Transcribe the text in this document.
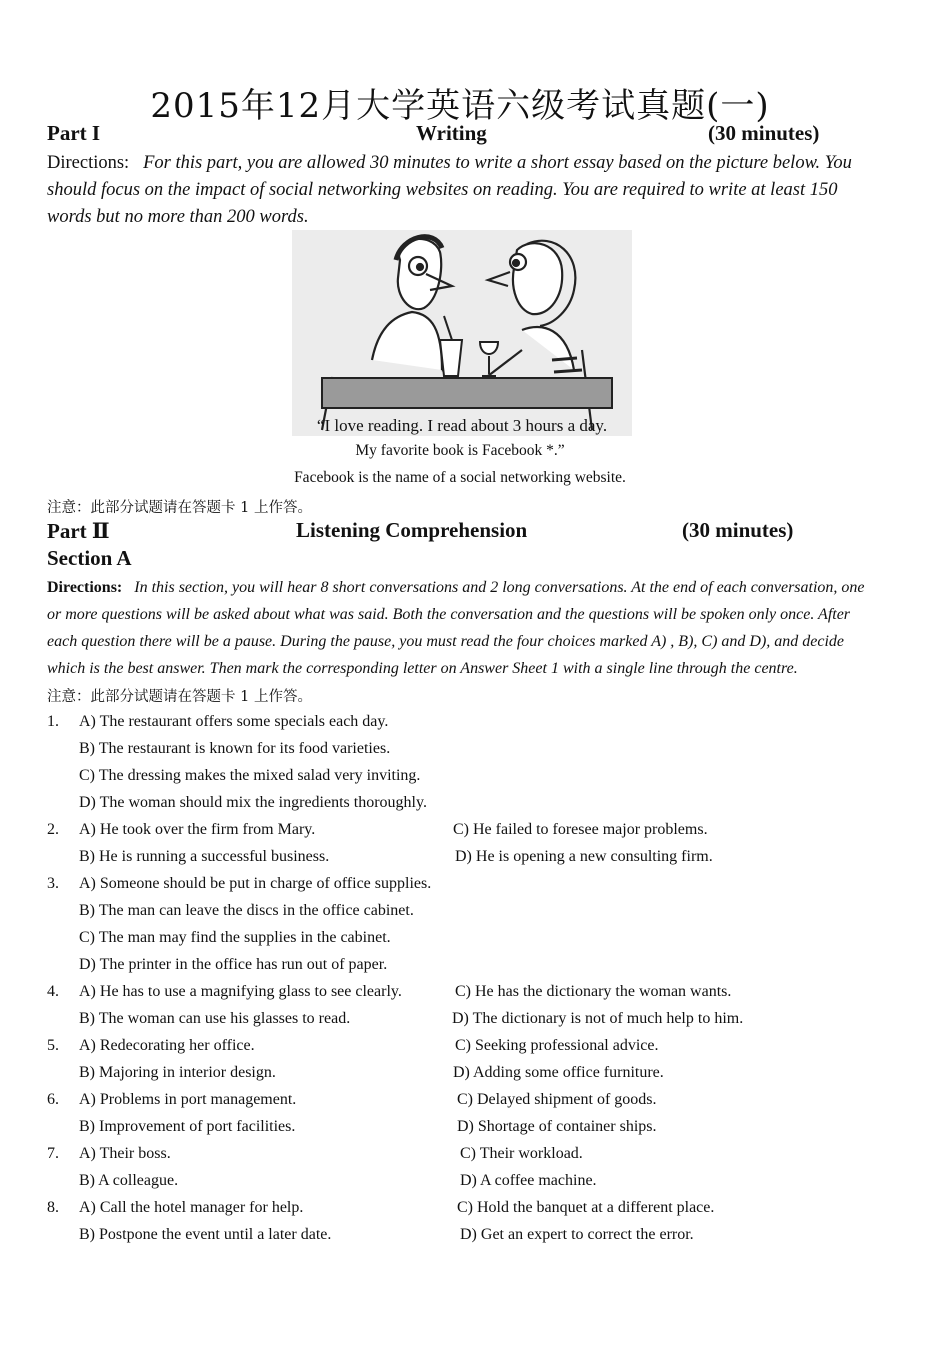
2015年12月大学英语六级考试真题(一)
Part I	Writing	(30 minutes)
Directions: For this part, you are allowed 30 minutes to write a short essay based on the picture below. You should focus on the impact of social networking websites on reading. You are required to write at least 150 words but no more than 200 words.
“I love reading. I read about 3 hours a day.
My favorite book is Facebook *.”
Facebook is the name of a social networking website.
注意：此部分试题请在答题卡 1 上作答。
Part Ⅱ	Listening Comprehension	(30 minutes)
Section A
Directions: In this section, you will hear 8 short conversations and 2 long conversations. At the end of each conversation, one or more questions will be asked about what was said. Both the conversation and the questions will be spoken only once. After each question there will be a pause. During the pause, you must read the four choices marked A) , B), C) and D), and decide which is the best answer. Then mark the corresponding letter on Answer Sheet 1 with a single line through the centre.
注意：此部分试题请在答题卡 1 上作答。
1. A) The restaurant offers some specials each day.
B) The restaurant is known for its food varieties.
C) The dressing makes the mixed salad very inviting.
D) The woman should mix the ingredients thoroughly.
2. A) He took over the firm from Mary.	C) He failed to foresee major problems.
B) He is running a successful business.	D) He is opening a new consulting firm.
3. A) Someone should be put in charge of office supplies.
B) The man can leave the discs in the office cabinet.
C) The man may find the supplies in the cabinet.
D) The printer in the office has run out of paper.
4. A) He has to use a magnifying glass to see clearly.	C) He has the dictionary the woman wants.
B) The woman can use his glasses to read.	D) The dictionary is not of much help to him.
5. A) Redecorating her office.	C) Seeking professional advice.
B) Majoring in interior design.	D) Adding some office furniture.
6. A) Problems in port management.	C) Delayed shipment of goods.
B) Improvement of port facilities.	D) Shortage of container ships.
7. A) Their boss.	C) Their workload.
B) A colleague.	D) A coffee machine.
8. A) Call the hotel manager for help.	C) Hold the banquet at a different place.
B) Postpone the event until a later date.	D) Get an expert to correct the error.
